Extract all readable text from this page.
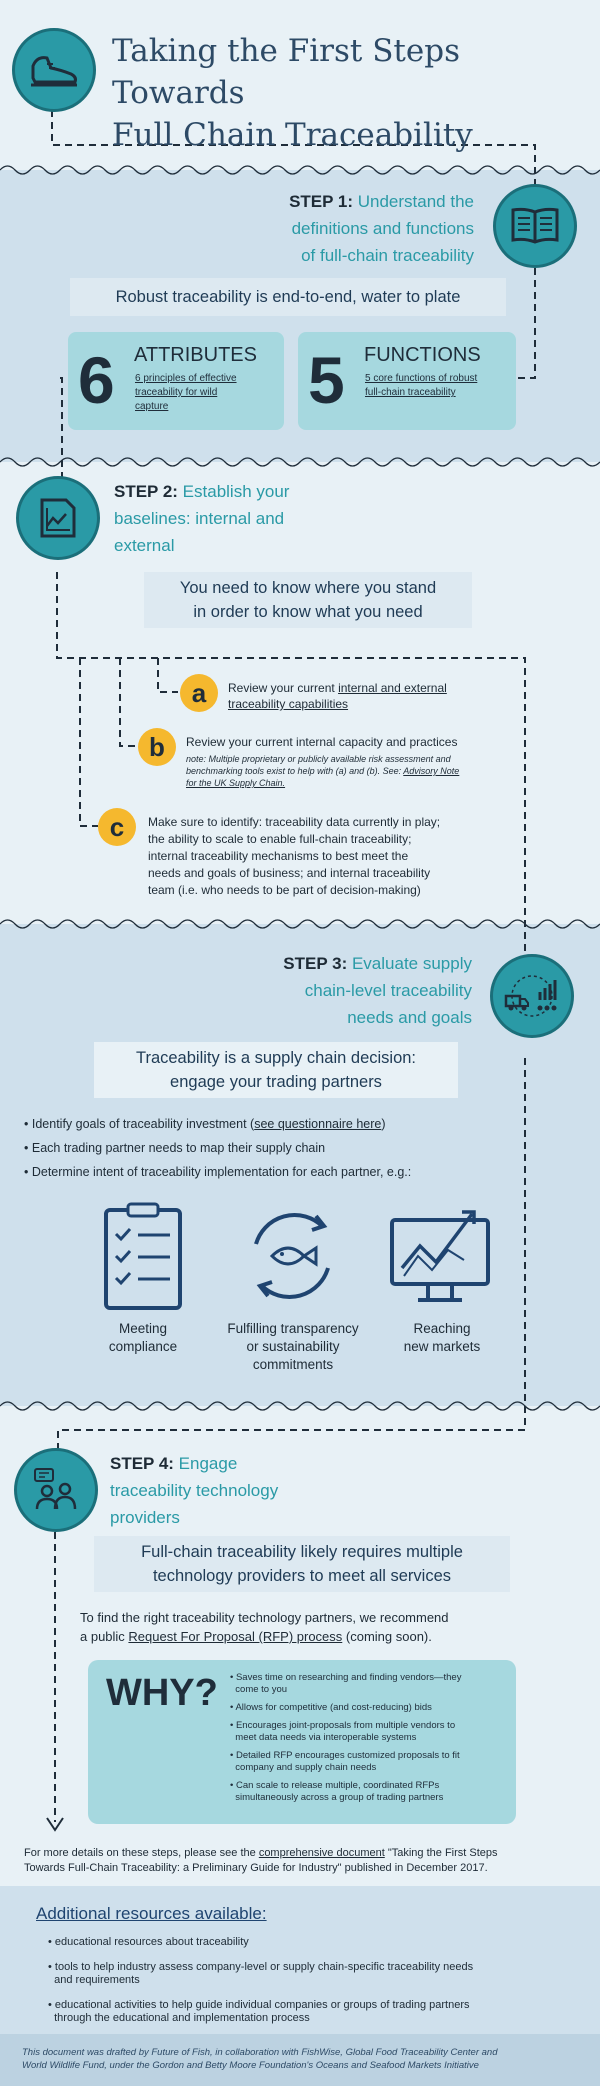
Taking the First Steps Towards
Full Chain Traceability
STEP 1: Understand the
definitions and functions
of full-chain traceability
Robust traceability is end-to-end, water to plate
6 ATTRIBUTES
6 principles of effective
traceability for wild
capture	5 FUNCTIONS
5 core functions of robust
full-chain traceability
STEP 2: Establish your
baselines: internal and
external
You need to know where you stand
in order to know what you need
a	Review your current internal and external
traceability capabilities
b	Review your current internal capacity and practices
note: Multiple proprietary or publicly available risk assessment and
benchmarking tools exist to help with (a) and (b). See: Advisory Note
for the UK Supply Chain.
c	Make sure to identify: traceability data currently in play;
the ability to scale to enable full-chain traceability;
internal traceability mechanisms to best meet the
needs and goals of business; and internal traceability
team (i.e. who needs to be part of decision-making)
STEP 3: Evaluate supply
chain-level traceability
needs and goals
Traceability is a supply chain decision:
engage your trading partners
• Identify goals of traceability investment (see questionnaire here)
• Each trading partner needs to map their supply chain
• Determine intent of traceability implementation for each partner, e.g.:
Meeting
compliance
Fulfilling transparency
or sustainability
commitments
Reaching
new markets
STEP 4: Engage
traceability technology
providers
Full-chain traceability likely requires multiple
technology providers to meet all services
To find the right traceability technology partners, we recommend
a public Request For Proposal (RFP) process (coming soon).
WHY? • Saves time on researching and finding vendors—they
come to you
• Allows for competitive (and cost-reducing) bids
• Encourages joint-proposals from multiple vendors to
meet data needs via interoperable systems
• Detailed RFP encourages customized proposals to fit
company and supply chain needs
• Can scale to release multiple, coordinated RFPs
simultaneously across a group of trading partners
For more details on these steps, please see the comprehensive document "Taking the First Steps
Towards Full-Chain Traceability: a Preliminary Guide for Industry" published in December 2017.
Additional resources available:
• educational resources about traceability
• tools to help industry assess company-level or supply chain-specific traceability needs
and requirements
• educational activities to help guide individual companies or groups of trading partners
through the educational and implementation process
This document was drafted by Future of Fish, in collaboration with FishWise, Global Food Traceability Center and
World Wildlife Fund, under the Gordon and Betty Moore Foundation's Oceans and Seafood Markets Initiative
